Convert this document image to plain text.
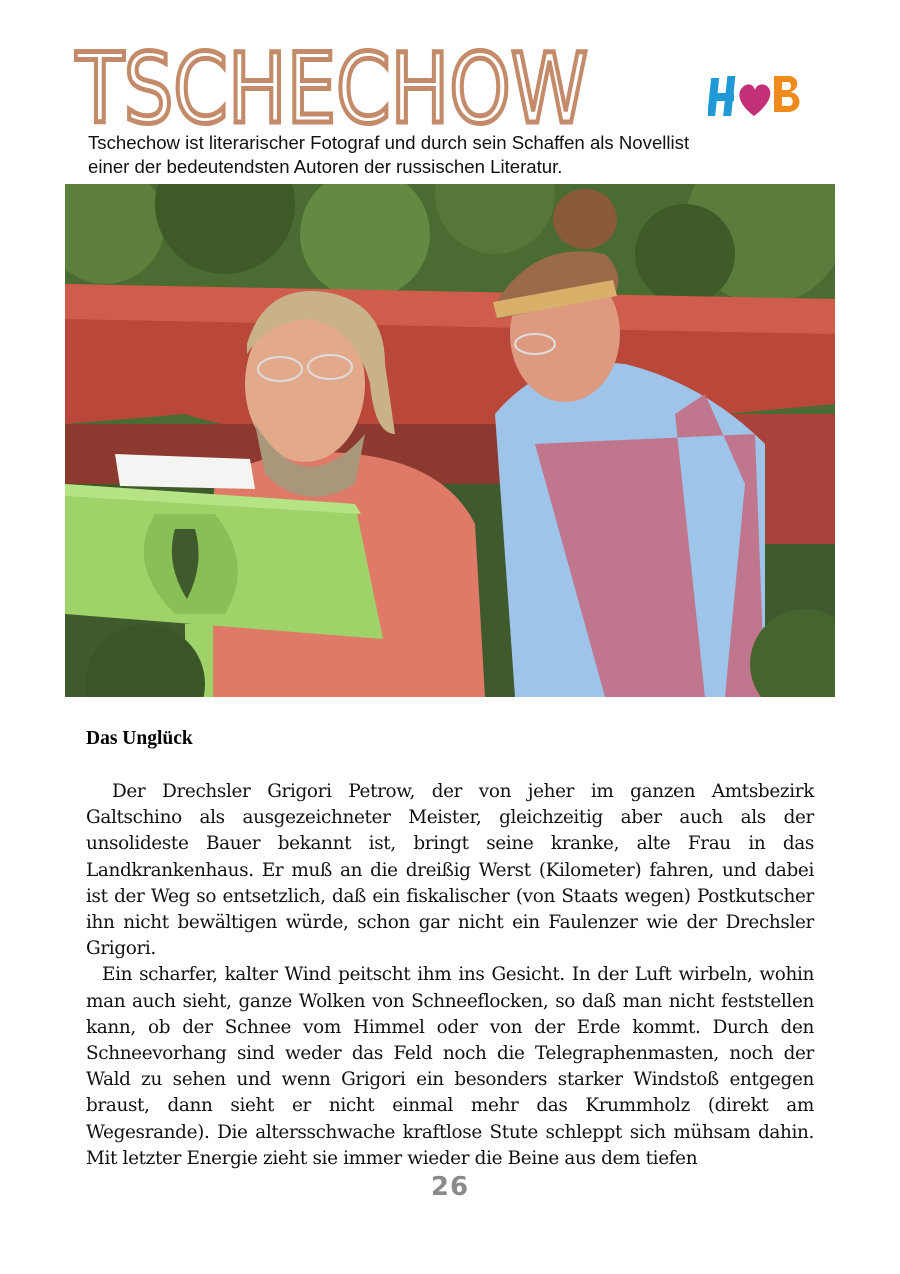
TSCHECHOW
Tschechow ist literarischer Fotograf und durch sein Schaffen als Novellist
einer der bedeutendsten Autoren der russischen Literatur.
Das Unglück

Der Drechsler Grigori Petrow, der von jeher im ganzen Amtsbezirk Galtschino als ausgezeichneter Meister, gleichzeitig aber auch als der unsolideste Bauer bekannt ist, bringt seine kranke, alte Frau in das Landkrankenhaus. Er muß an die dreißig Werst (Kilometer) fahren, und dabei ist der Weg so entsetzlich, daß ein fiskalischer (von Staats wegen) Postkutscher ihn nicht bewältigen würde, schon gar nicht ein Faulenzer wie der Drechsler Grigori.

Ein scharfer, kalter Wind peitscht ihm ins Gesicht. In der Luft wirbeln, wohin man auch sieht, ganze Wolken von Schneeflocken, so daß man nicht feststellen kann, ob der Schnee vom Himmel oder von der Erde kommt. Durch den Schneevorhang sind weder das Feld noch die Telegraphenmasten, noch der Wald zu sehen und wenn Grigori ein besonders starker Windstoß entgegen braust, dann sieht er nicht einmal mehr das Krummholz (direkt am Wegesrande). Die altersschwache kraftlose Stute schleppt sich mühsam dahin. Mit letzter Energie zieht sie immer wieder die Beine aus dem tiefen

26
